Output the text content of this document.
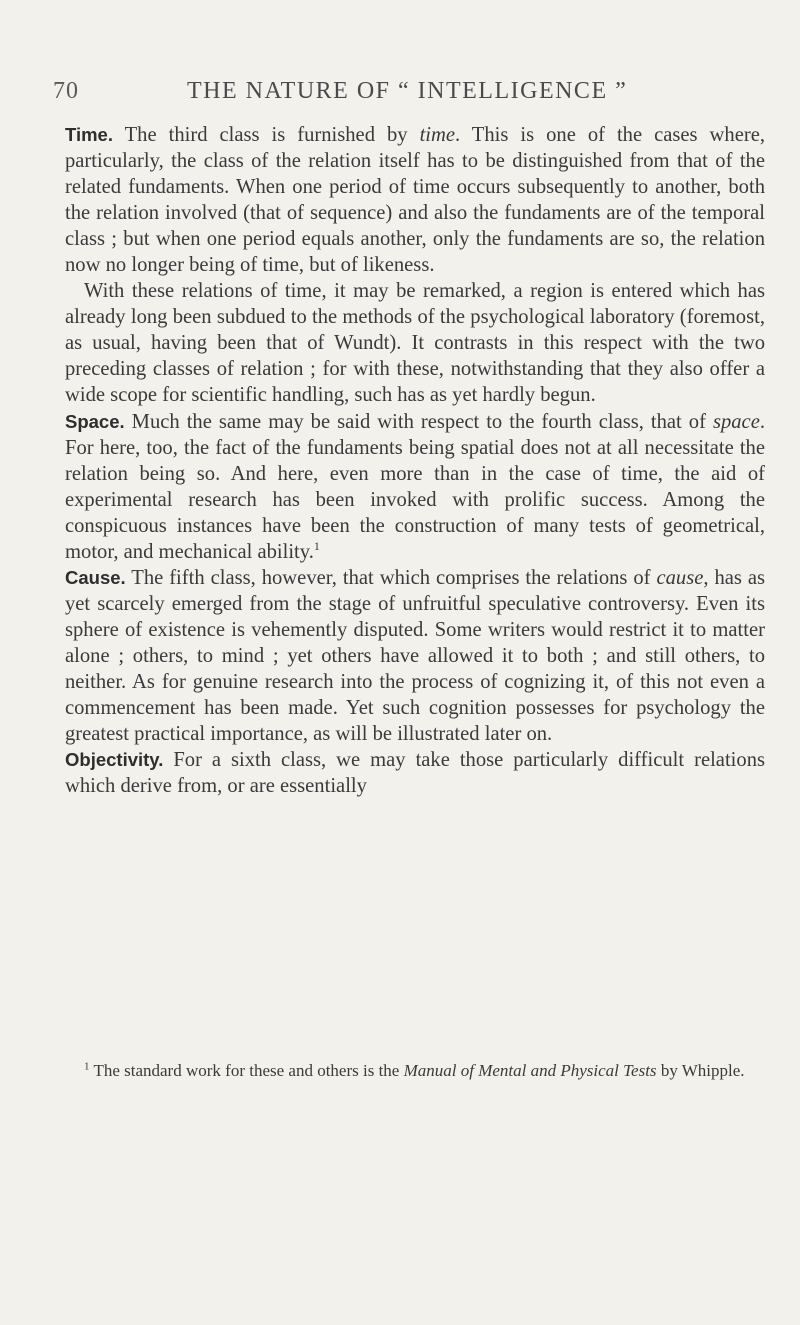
70	THE NATURE OF “ INTELLIGENCE ”

Time. The third class is furnished by time. This is one of the cases where, particularly, the class of the relation itself has to be distinguished from that of the related fundaments. When one period of time occurs subsequently to another, both the relation involved (that of sequence) and also the fundaments are of the temporal class ; but when one period equals another, only the fundaments are so, the relation now no longer being of time, but of likeness.

With these relations of time, it may be remarked, a region is entered which has already long been subdued to the methods of the psychological laboratory (foremost, as usual, having been that of Wundt). It contrasts in this respect with the two preceding classes of relation ; for with these, notwithstanding that they also offer a wide scope for scientific handling, such has as yet hardly begun.

Space. Much the same may be said with respect to the fourth class, that of space. For here, too, the fact of the fundaments being spatial does not at all necessitate the relation being so. And here, even more than in the case of time, the aid of experimental research has been invoked with prolific success. Among the conspicuous instances have been the construction of many tests of geometrical, motor, and mechanical ability.$^1$

Cause. The fifth class, however, that which comprises the relations of cause, has as yet scarcely emerged from the stage of unfruitful speculative controversy. Even its sphere of existence is vehemently disputed. Some writers would restrict it to matter alone ; others, to mind ; yet others have allowed it to both ; and still others, to neither. As for genuine research into the process of cognizing it, of this not even a commencement has been made. Yet such cognition possesses for psychology the greatest practical importance, as will be illustrated later on.

Objectivity. For a sixth class, we may take those particularly difficult relations which derive from, or are essentially

$^1$ The standard work for these and others is the Manual of Mental and Physical Tests by Whipple.
